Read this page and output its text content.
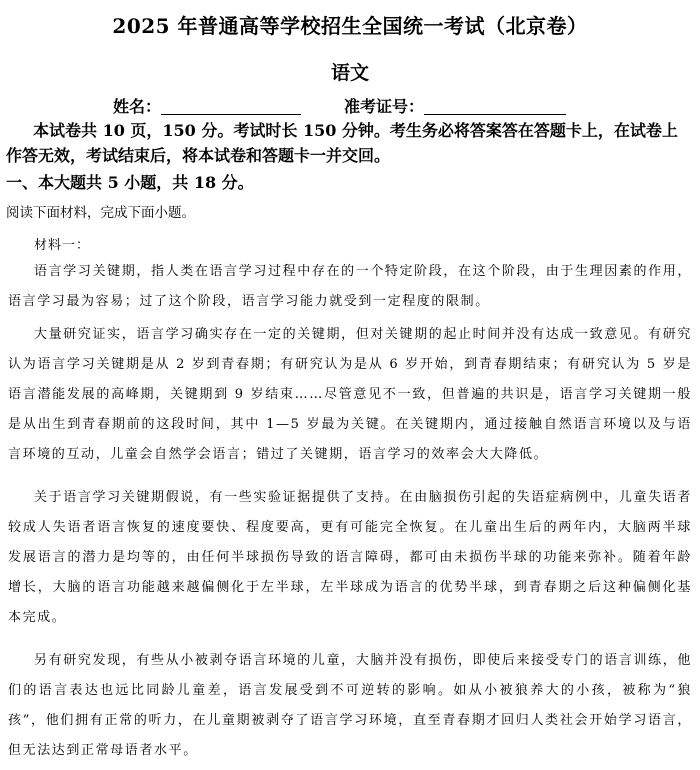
2025 年普通高等学校招生全国统一考试（北京卷）
语文
姓名：	准考证号：
本试卷共 10 页，150 分。考试时长 150 分钟。考生务必将答案答在答题卡上，在试卷上作答无效，考试结束后，将本试卷和答题卡一并交回。
一、本大题共 5 小题，共 18 分。
阅读下面材料，完成下面小题。
材料一：
语言学习关键期，指人类在语言学习过程中存在的一个特定阶段，在这个阶段，由于生理因素的作用，语言学习最为容易；过了这个阶段，语言学习能力就受到一定程度的限制。
大量研究证实，语言学习确实存在一定的关键期，但对关键期的起止时间并没有达成一致意见。有研究认为语言学习关键期是从 2 岁到青春期；有研究认为是从 6 岁开始，到青春期结束；有研究认为 5 岁是语言潜能发展的高峰期，关键期到 9 岁结束……尽管意见不一致，但普遍的共识是，语言学习关键期一般是从出生到青春期前的这段时间，其中 1—5 岁最为关键。在关键期内，通过接触自然语言环境以及与语言环境的互动，儿童会自然学会语言；错过了关键期，语言学习的效率会大大降低。
关于语言学习关键期假说，有一些实验证据提供了支持。在由脑损伤引起的失语症病例中，儿童失语者较成人失语者语言恢复的速度要快、程度要高，更有可能完全恢复。在儿童出生后的两年内，大脑两半球发展语言的潜力是均等的，由任何半球损伤导致的语言障碍，都可由未损伤半球的功能来弥补。随着年龄增长，大脑的语言功能越来越偏侧化于左半球，左半球成为语言的优势半球，到青春期之后这种偏侧化基本完成。
另有研究发现，有些从小被剥夺语言环境的儿童，大脑并没有损伤，即使后来接受专门的语言训练，他们的语言表达也远比同龄儿童差，语言发展受到不可逆转的影响。如从小被狼养大的小孩，被称为“狼孩”，他们拥有正常的听力，在儿童期被剥夺了语言学习环境，直至青春期才回归人类社会开始学习语言，但无法达到正常母语者水平。
